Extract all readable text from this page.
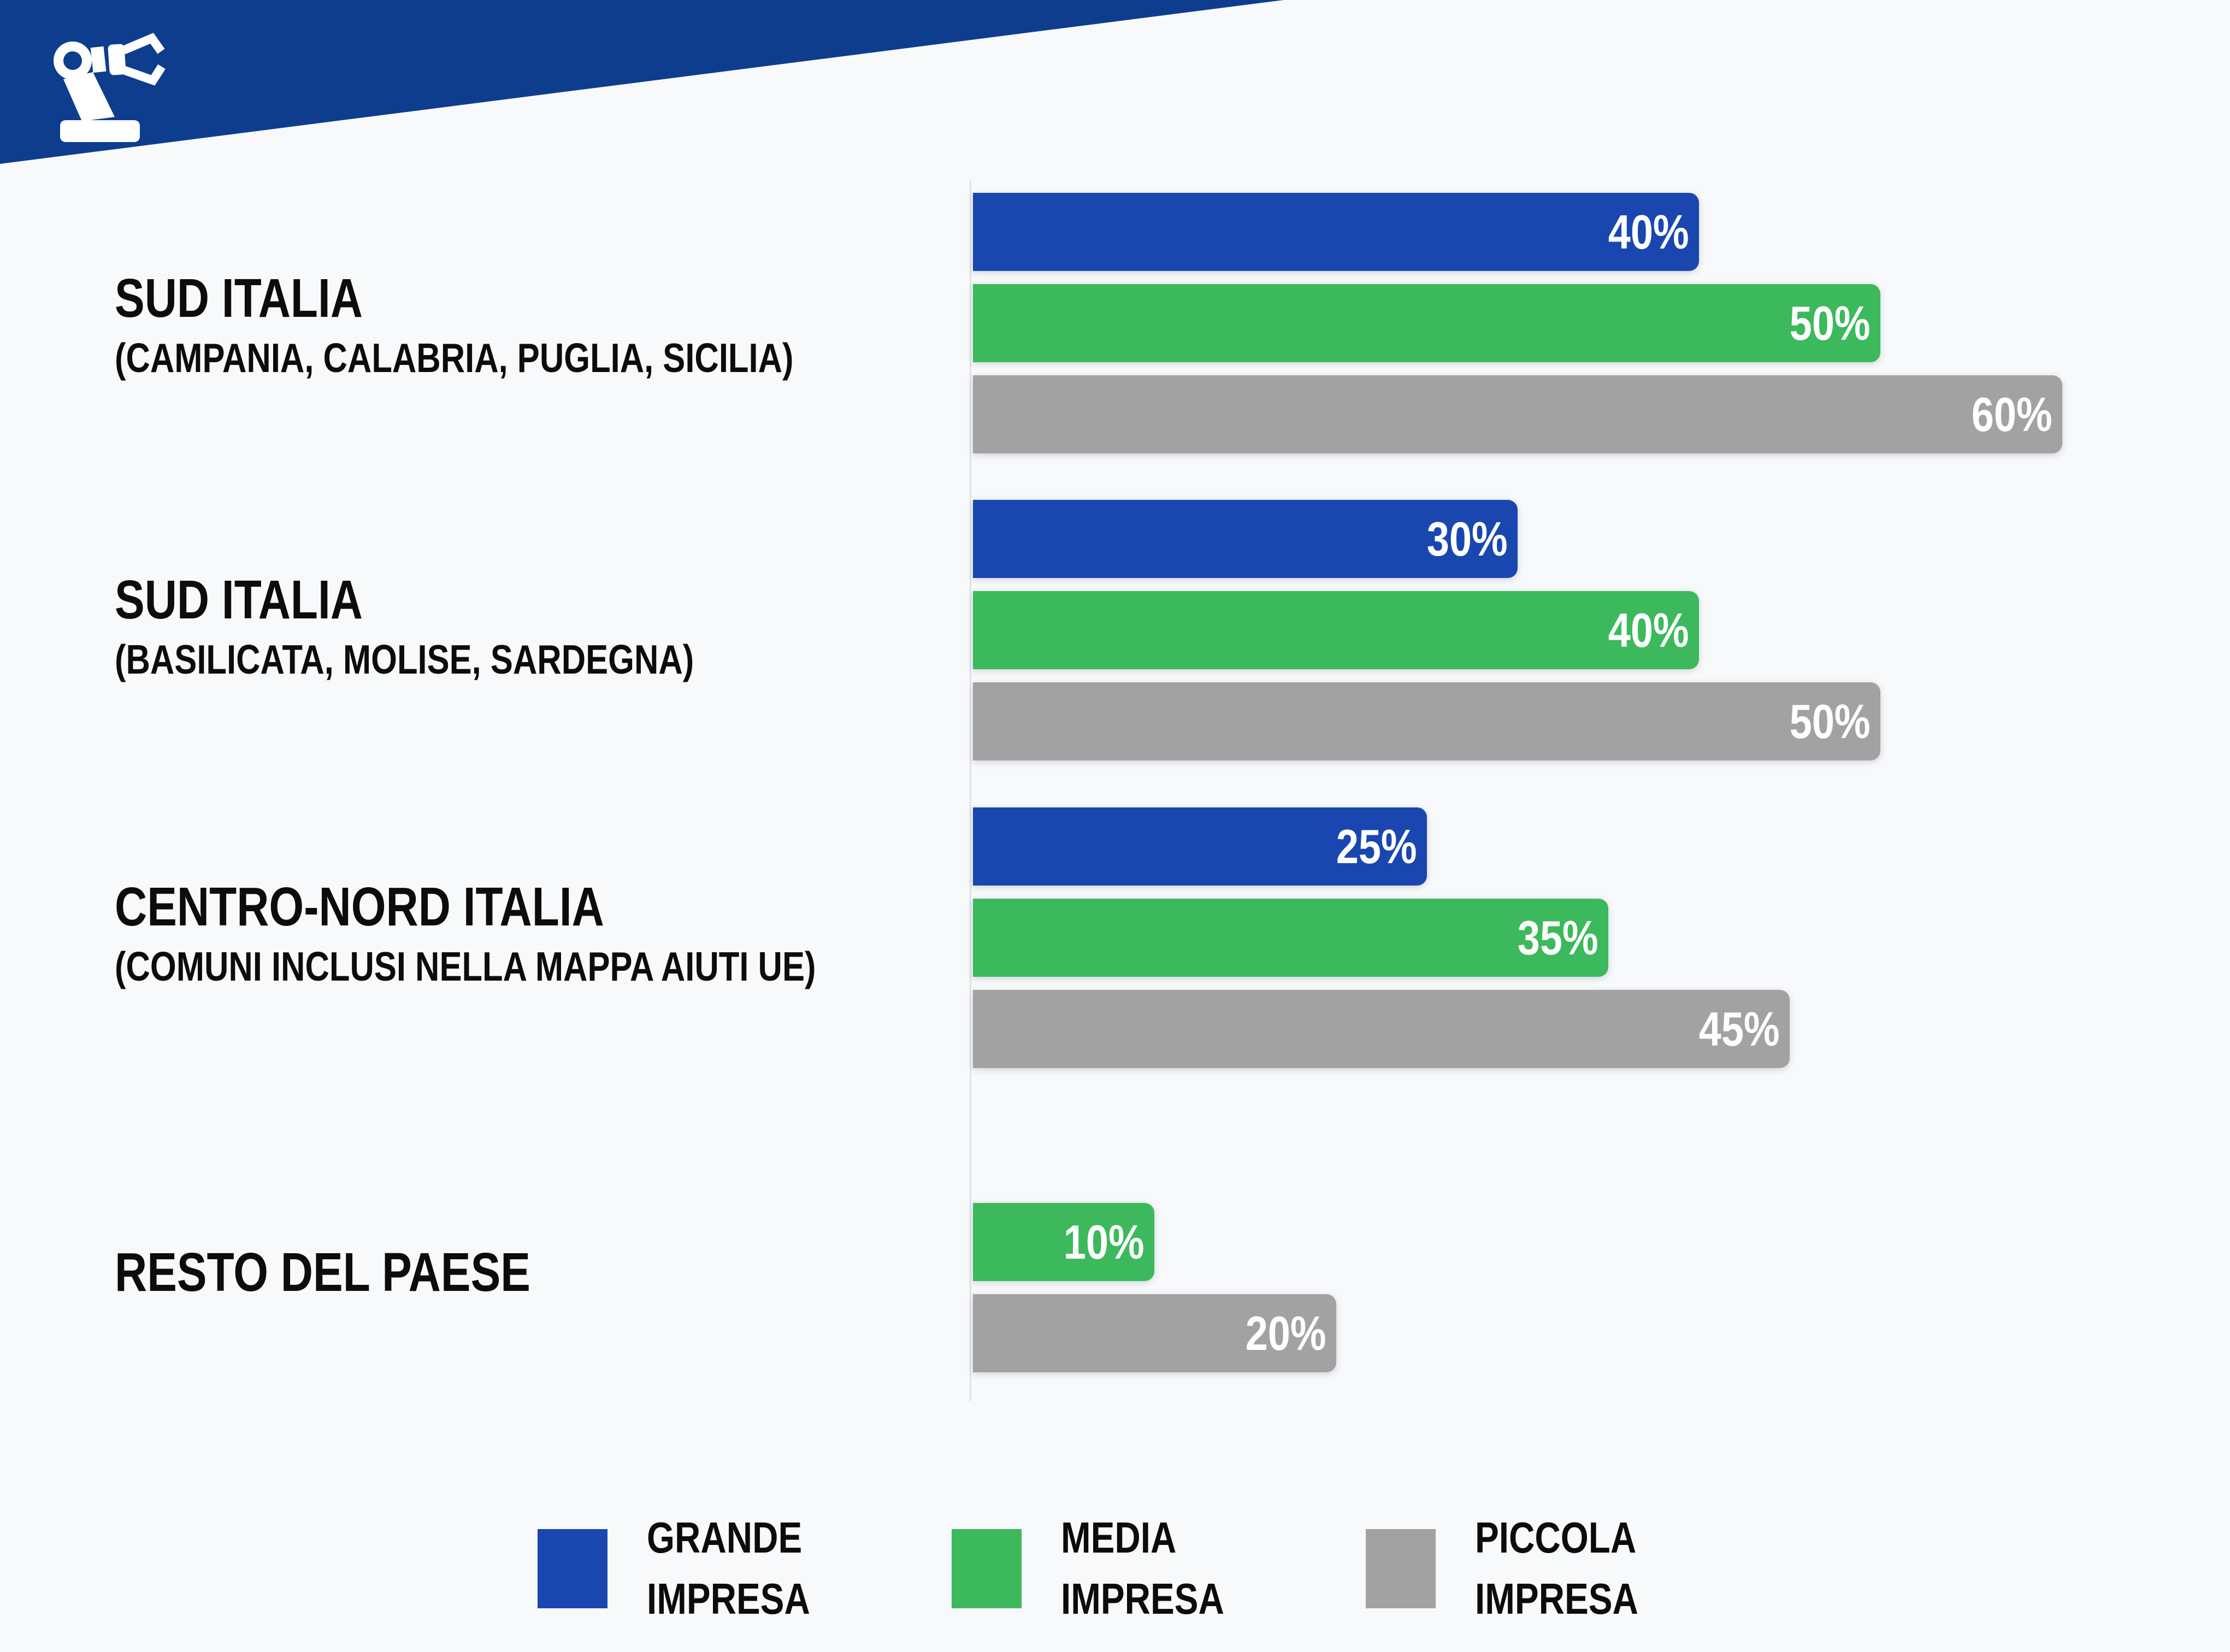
SUD ITALIA
(CAMPANIA, CALABRIA, PUGLIA, SICILIA)
SUD ITALIA
(BASILICATA, MOLISE, SARDEGNA)
CENTRO-NORD ITALIA
(COMUNI INCLUSI NELLA MAPPA AIUTI UE)
RESTO DEL PAESE
40%
30%
25%
50%
40%
35%
10%
60%
50%
45%
20%
GRANDE
IMPRESA
MEDIA
IMPRESA
PICCOLA
IMPRESA
